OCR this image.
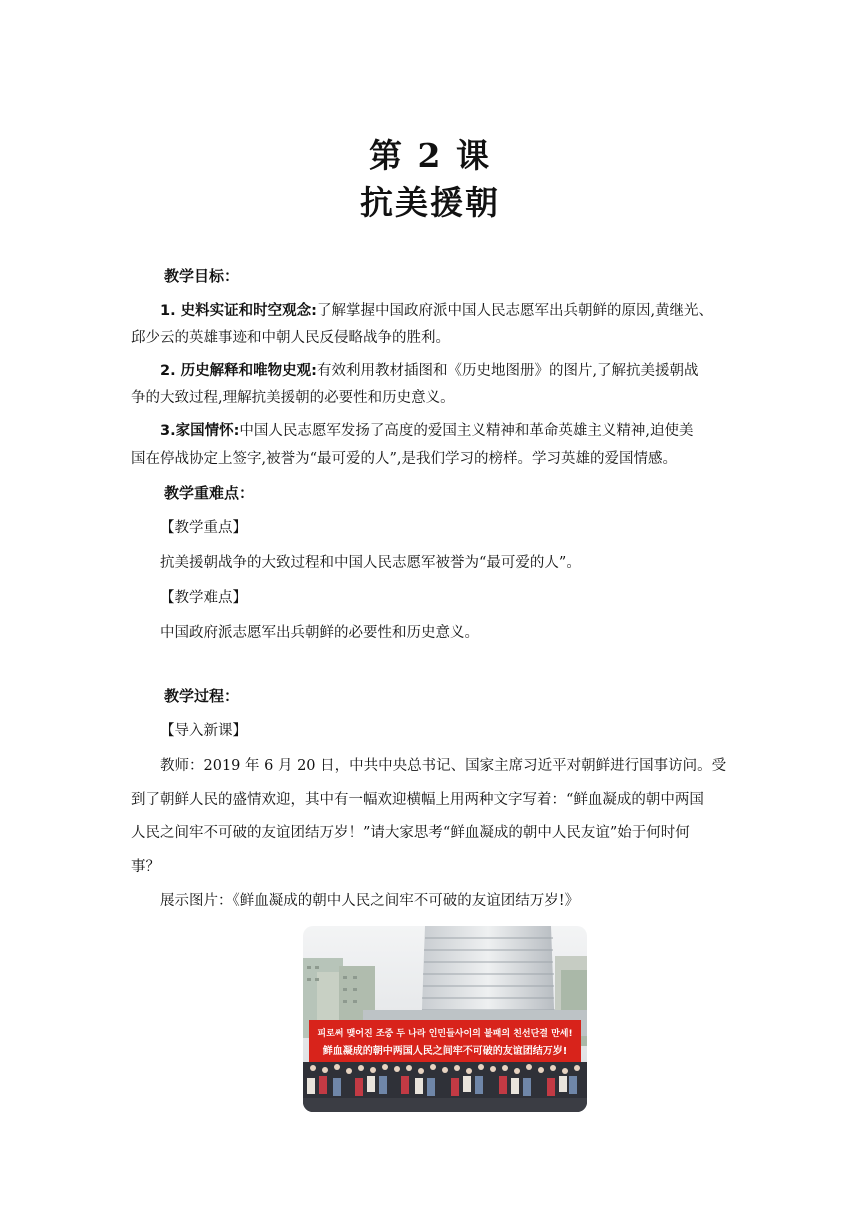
第 2 课
抗美援朝
教学目标：
1. 史料实证和时空观念:了解掌握中国政府派中国人民志愿军出兵朝鲜的原因,黄继光、
邱少云的英雄事迹和中朝人民反侵略战争的胜利。
2. 历史解释和唯物史观:有效利用教材插图和《历史地图册》的图片,了解抗美援朝战
争的大致过程,理解抗美援朝的必要性和历史意义。
3.家国情怀:中国人民志愿军发扬了高度的爱国主义精神和革命英雄主义精神,迫使美
国在停战协定上签字,被誉为“最可爱的人”,是我们学习的榜样。学习英雄的爱国情感。
教学重难点：
【教学重点】
抗美援朝战争的大致过程和中国人民志愿军被誉为“最可爱的人”。
【教学难点】
中国政府派志愿军出兵朝鲜的必要性和历史意义。
教学过程：
【导入新课】
教师：2019 年 6 月 20 日，中共中央总书记、国家主席习近平对朝鲜进行国事访问。受
到了朝鲜人民的盛情欢迎，其中有一幅欢迎横幅上用两种文字写着：“鲜血凝成的朝中两国
人民之间牢不可破的友谊团结万岁！”请大家思考“鲜血凝成的朝中人民友谊”始于何时何
事？
展示图片：《鲜血凝成的朝中人民之间牢不可破的友谊团结万岁!》
피로써 맺어진 조중 두 나라 인민들사이의 불패의 친선단결 만세!
鲜血凝成的朝中两国人民之间牢不可破的友谊团结万岁!
